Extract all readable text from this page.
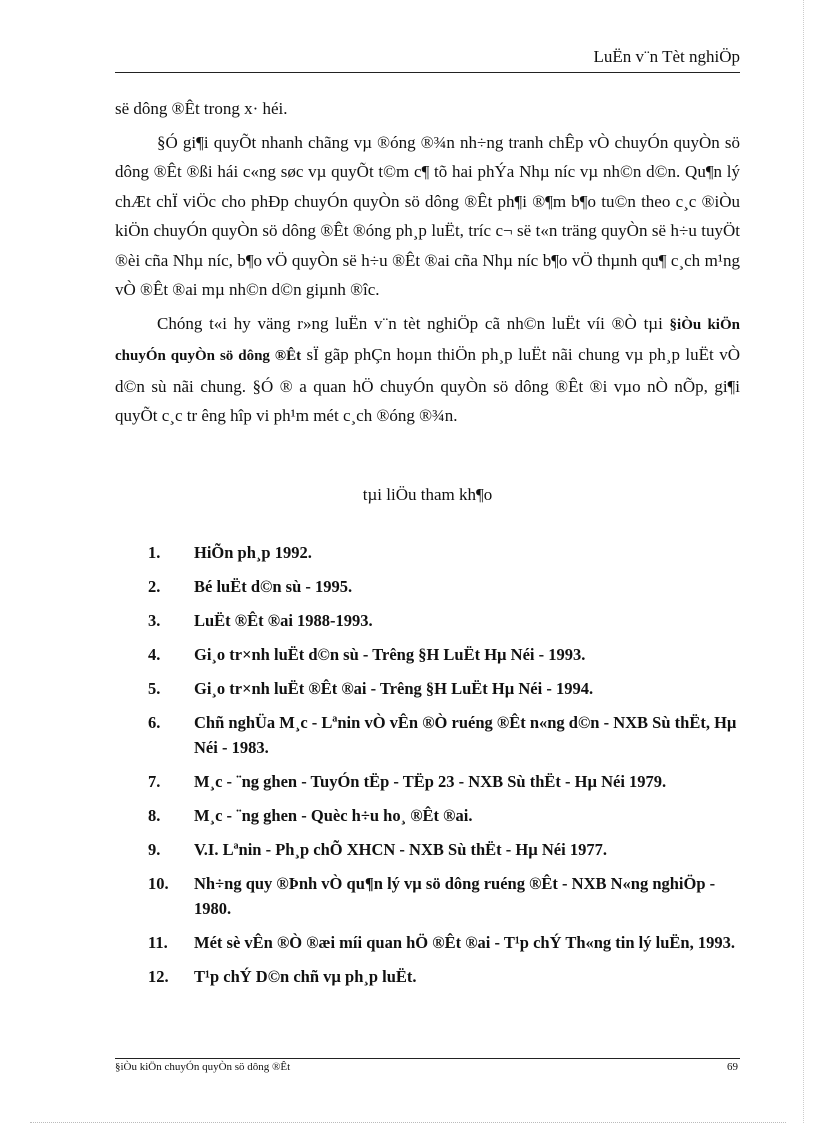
LuËn v¨n Tèt nghiÖp

së dông ®Êt trong x· héi.

§Ó gi¶i quyÕt nhanh chãng vµ ®óng ®¾n nh÷ng tranh chÊp vÒ chuyÓn quyÒn sö dông ®Êt ®ßi hái c«ng søc vµ quyÕt t©m c¶ tõ hai phÝa Nhµ níc vµ nh©n d©n. Qu¶n lý chÆt chÏ viÖc cho phÐp chuyÓn quyÒn sö dông ®Êt ph¶i ®¶m b¶o tu©n theo c¸c ®iÒu kiÖn chuyÓn quyÒn sö dông ®Êt ®óng ph¸p luËt, tríc c¬ së t«n träng quyÒn së h÷u tuyÖt ®èi cña Nhµ níc, b¶o vÖ quyÒn së h÷u ®Êt ®ai cña Nhµ níc b¶o vÖ thµnh qu¶ c¸ch m¹ng vÒ ®Êt ®ai mµ nh©n d©n giµnh ®îc.

Chóng t«i hy väng r»ng luËn v¨n tèt nghiÖp cã nh©n luËt víi ®Ò tµi §iÒu kiÖn chuyÓn quyÒn sö dông ®Êt sÏ gãp phÇn hoµn thiÖn ph¸p luËt nãi chung vµ ph¸p luËt vÒ d©n sù nãi chung. §Ó ® a quan hÖ chuyÓn quyÒn sö dông ®Êt ®i vµo nÒ nÕp, gi¶i quyÕt c¸c tr êng hîp vi ph¹m mét c¸ch ®óng ®¾n.

tµi liÖu tham kh¶o
1.	HiÕn ph¸p 1992.
2.	Bé luËt d©n sù - 1995.
3.	LuËt ®Êt ®ai 1988-1993.
4.	Gi¸o tr×nh luËt d©n sù - Trêng §H LuËt Hµ Néi - 1993.
5.	Gi¸o tr×nh luËt ®Êt ®ai - Trêng §H LuËt Hµ Néi - 1994.
6.	Chñ nghÜa M¸c - Lªnin vÒ vÊn ®Ò ruéng ®Êt n«ng d©n - NXB Sù thËt, Hµ Néi - 1983.
7.	M¸c - ¨ng ghen - TuyÓn tËp - TËp 23 - NXB Sù thËt - Hµ Néi 1979.
8.	M¸c - ¨ng ghen - Quèc h÷u ho¸ ®Êt ®ai.
9.	V.I. Lªnin - Ph¸p chÕ XHCN - NXB Sù thËt - Hµ Néi 1977.
10.	Nh÷ng quy ®Þnh vÒ qu¶n lý vµ sö dông ruéng ®Êt - NXB N«ng nghiÖp - 1980.
11.	Mét sè vÊn ®Ò ®æi míi quan hÖ ®Êt ®ai - T¹p chÝ Th«ng tin lý luËn, 1993.
12.	T¹p chÝ D©n chñ vµ ph¸p luËt.
§iÒu kiÖn chuyÓn quyÒn sö dông ®Êt	69
